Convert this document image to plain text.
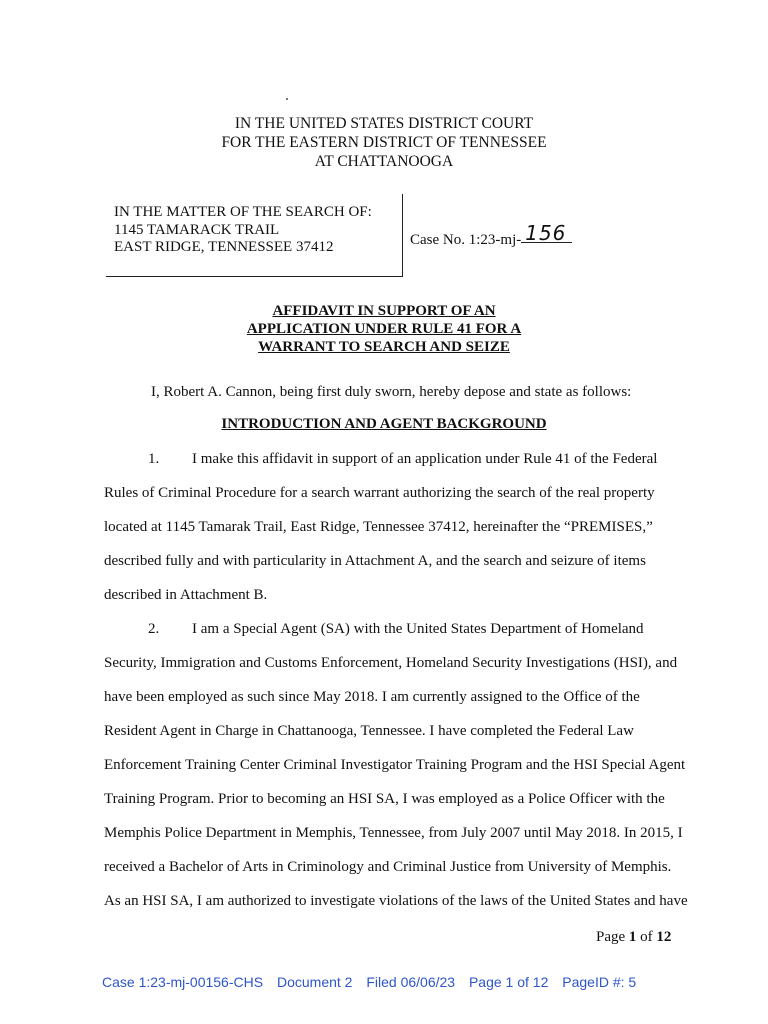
IN THE UNITED STATES DISTRICT COURT
FOR THE EASTERN DISTRICT OF TENNESSEE
AT CHATTANOOGA
IN THE MATTER OF THE SEARCH OF:
1145 TAMARACK TRAIL
EAST RIDGE, TENNESSEE 37412	Case No. 1:23-mj- 156
AFFIDAVIT IN SUPPORT OF AN
APPLICATION UNDER RULE 41 FOR A
WARRANT TO SEARCH AND SEIZE
I, Robert A. Cannon, being first duly sworn, hereby depose and state as follows:
INTRODUCTION AND AGENT BACKGROUND
1. I make this affidavit in support of an application under Rule 41 of the Federal
Rules of Criminal Procedure for a search warrant authorizing the search of the real property
located at 1145 Tamarak Trail, East Ridge, Tennessee 37412, hereinafter the “PREMISES,”
described fully and with particularity in Attachment A, and the search and seizure of items
described in Attachment B.
2. I am a Special Agent (SA) with the United States Department of Homeland
Security, Immigration and Customs Enforcement, Homeland Security Investigations (HSI), and
have been employed as such since May 2018. I am currently assigned to the Office of the
Resident Agent in Charge in Chattanooga, Tennessee. I have completed the Federal Law
Enforcement Training Center Criminal Investigator Training Program and the HSI Special Agent
Training Program. Prior to becoming an HSI SA, I was employed as a Police Officer with the
Memphis Police Department in Memphis, Tennessee, from July 2007 until May 2018. In 2015, I
received a Bachelor of Arts in Criminology and Criminal Justice from University of Memphis.
As an HSI SA, I am authorized to investigate violations of the laws of the United States and have
Page 1 of 12
Case 1:23-mj-00156-CHS Document 2 Filed 06/06/23 Page 1 of 12 PageID #: 5
